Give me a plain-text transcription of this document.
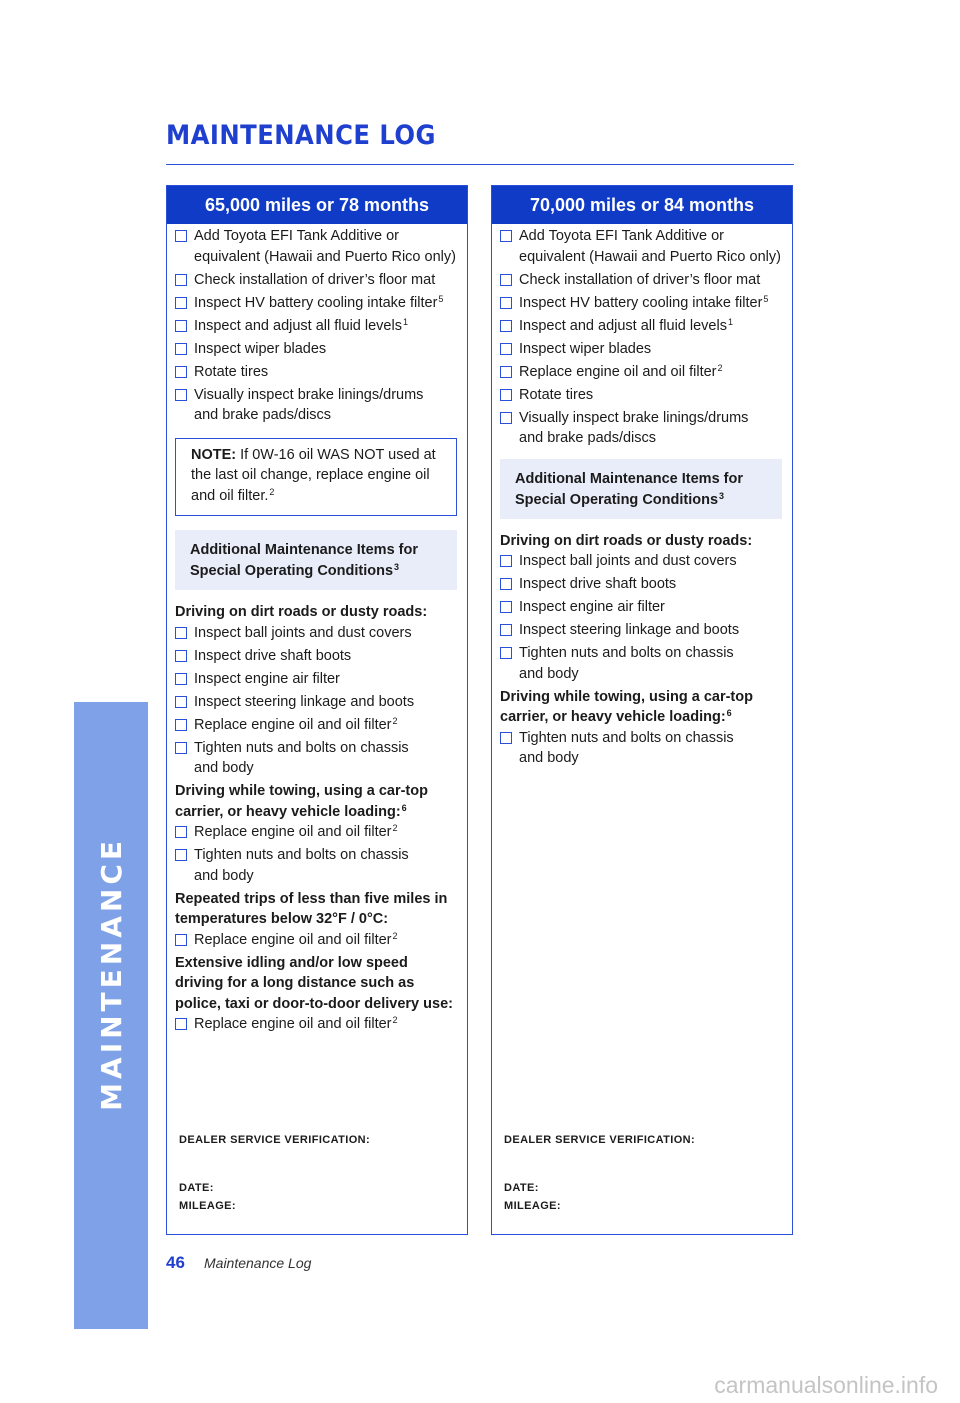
MAINTENANCE
MAINTENANCE LOG
65,000 miles or 78 months
Add Toyota EFI Tank Additive or
equivalent (Hawaii and Puerto Rico only)
Check installation of driver’s floor mat
Inspect HV battery cooling intake filter$^5$
Inspect and adjust all fluid levels$^1$
Inspect wiper blades
Rotate tires
Visually inspect brake linings/drums
and brake pads/discs
NOTE: If 0W-16 oil WAS NOT used at the last oil change, replace engine oil and oil filter.$^2$
Additional Maintenance Items for Special Operating Conditions$^3$
Driving on dirt roads or dusty roads:
Inspect ball joints and dust covers
Inspect drive shaft boots
Inspect engine air filter
Inspect steering linkage and boots
Replace engine oil and oil filter$^2$
Tighten nuts and bolts on chassis
and body
Driving while towing, using a car-top carrier, or heavy vehicle loading:$^6$
Replace engine oil and oil filter$^2$
Tighten nuts and bolts on chassis
and body
Repeated trips of less than five miles in temperatures below 32°F / 0°C:
Replace engine oil and oil filter$^2$
Extensive idling and/or low speed driving for a long distance such as police, taxi or door-to-door delivery use:
Replace engine oil and oil filter$^2$
DEALER SERVICE VERIFICATION:
DATE:
MILEAGE:
70,000 miles or 84 months
Add Toyota EFI Tank Additive or
equivalent (Hawaii and Puerto Rico only)
Check installation of driver’s floor mat
Inspect HV battery cooling intake filter$^5$
Inspect and adjust all fluid levels$^1$
Inspect wiper blades
Replace engine oil and oil filter$^2$
Rotate tires
Visually inspect brake linings/drums
and brake pads/discs
Additional Maintenance Items for Special Operating Conditions$^3$
Driving on dirt roads or dusty roads:
Inspect ball joints and dust covers
Inspect drive shaft boots
Inspect engine air filter
Inspect steering linkage and boots
Tighten nuts and bolts on chassis
and body
Driving while towing, using a car-top carrier, or heavy vehicle loading:$^6$
Tighten nuts and bolts on chassis
and body
DEALER SERVICE VERIFICATION:
DATE:
MILEAGE:
46 Maintenance Log
carmanualsonline.info
